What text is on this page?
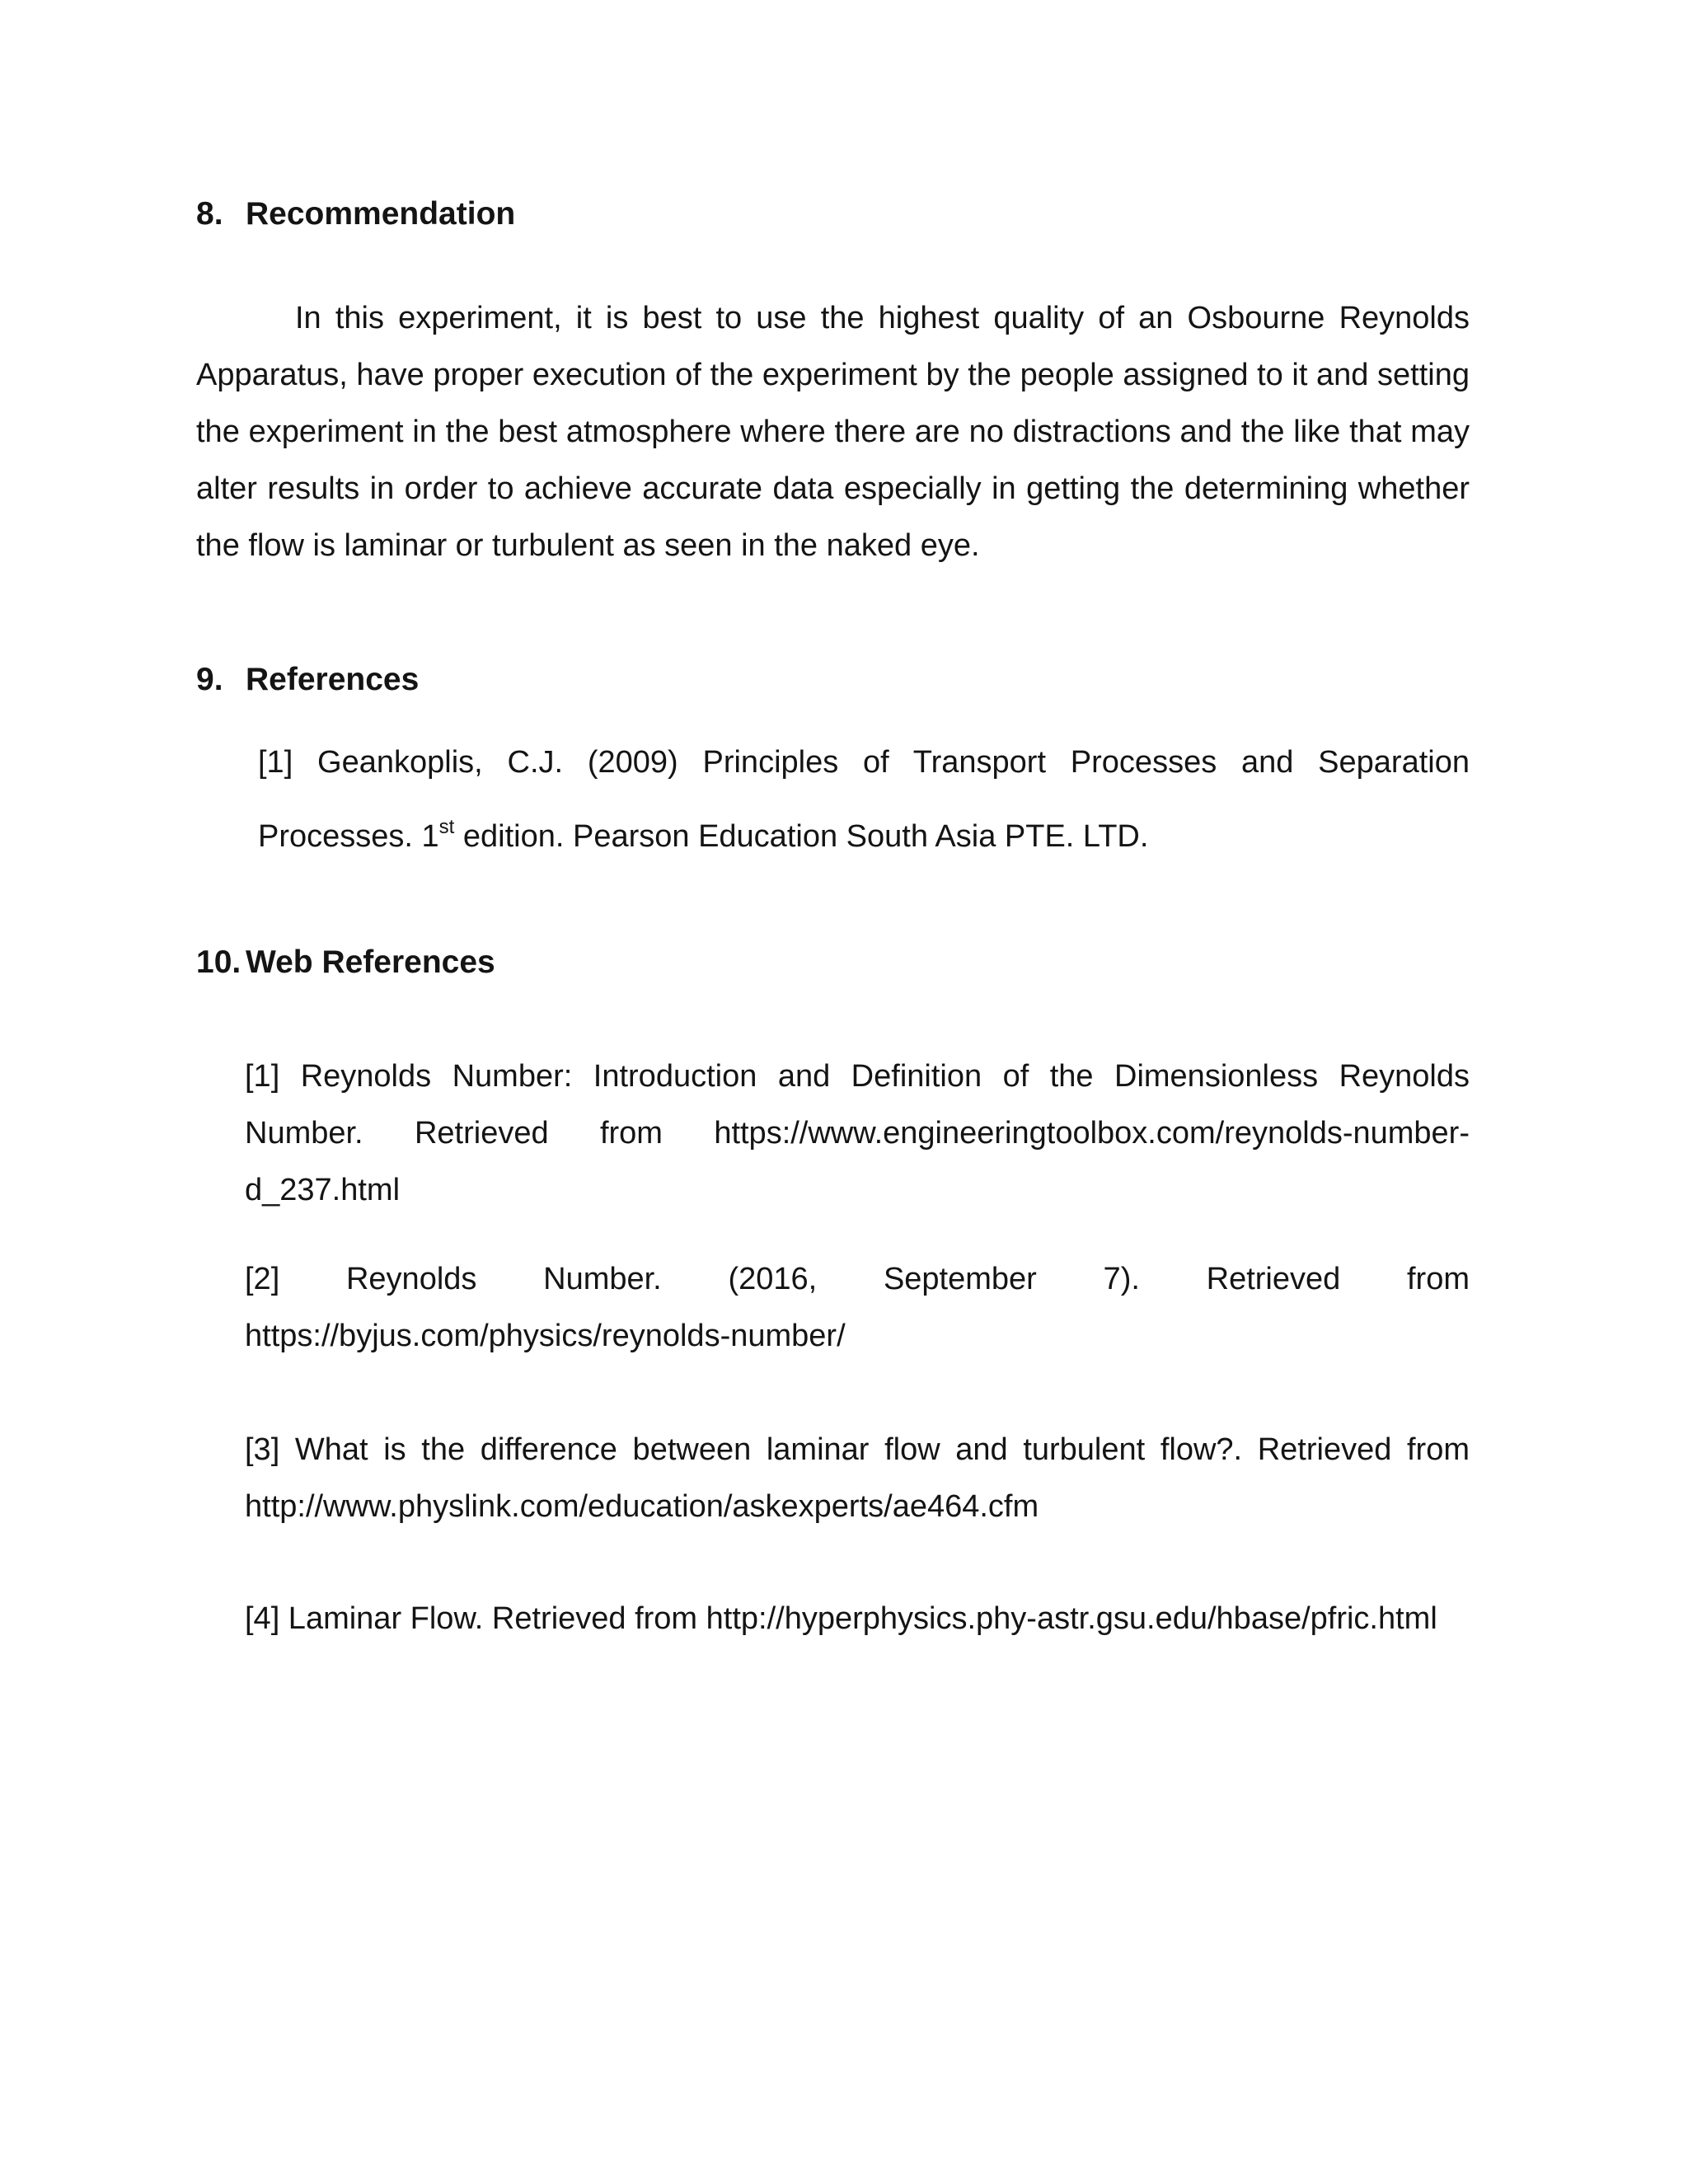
8. Recommendation
In this experiment, it is best to use the highest quality of an Osbourne Reynolds Apparatus, have proper execution of the experiment by the people assigned to it and setting the experiment in the best atmosphere where there are no distractions and the like that may alter results in order to achieve accurate data especially in getting the determining whether the flow is laminar or turbulent as seen in the naked eye.
9. References
[1] Geankoplis, C.J. (2009) Principles of Transport Processes and Separation Processes. 1st edition. Pearson Education South Asia PTE. LTD.
10. Web References
[1] Reynolds Number: Introduction and Definition of the Dimensionless Reynolds Number. Retrieved from https://www.engineeringtoolbox.com/reynolds-number-d_237.html
[2] Reynolds Number. (2016, September 7). Retrieved from https://byjus.com/physics/reynolds-number/
[3] What is the difference between laminar flow and turbulent flow?. Retrieved from http://www.physlink.com/education/askexperts/ae464.cfm
[4] Laminar Flow. Retrieved from http://hyperphysics.phy-astr.gsu.edu/hbase/pfric.html
